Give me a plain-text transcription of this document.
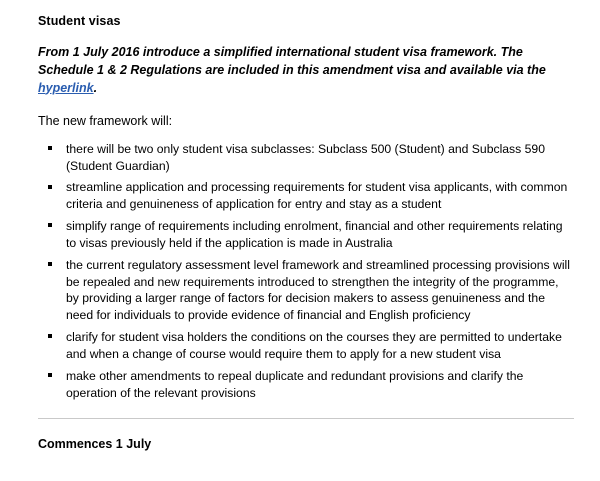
Student visas

From 1 July 2016 introduce a simplified international student visa framework. The Schedule 1 & 2 Regulations are included in this amendment visa and available via the hyperlink.

The new framework will:

there will be two only student visa subclasses: Subclass 500 (Student) and Subclass 590 (Student Guardian)
streamline application and processing requirements for student visa applicants, with common criteria and genuineness of application for entry and stay as a student
simplify range of requirements including enrolment, financial and other requirements relating to visas previously held if the application is made in Australia
the current regulatory assessment level framework and streamlined processing provisions will be repealed and new requirements introduced to strengthen the integrity of the programme, by providing a larger range of factors for decision makers to assess genuineness and the need for individuals to provide evidence of financial and English proficiency
clarify for student visa holders the conditions on the courses they are permitted to undertake and when a change of course would require them to apply for a new student visa
make other amendments to repeal duplicate and redundant provisions and clarify the operation of the relevant provisions
Commences 1 July
